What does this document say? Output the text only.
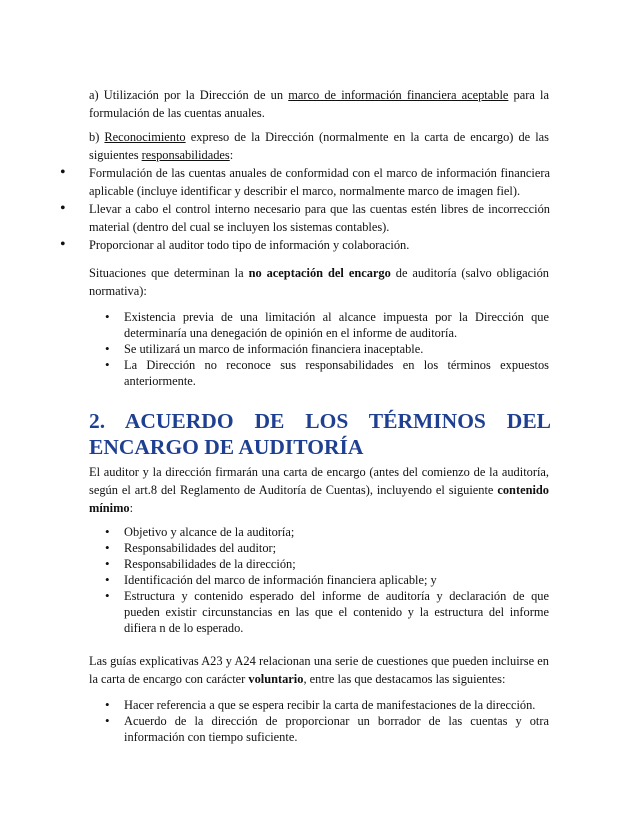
a) Utilización por la Dirección de un marco de información financiera aceptable para la formulación de las cuentas anuales.
b) Reconocimiento expreso de la Dirección (normalmente en la carta de encargo) de las siguientes responsabilidades:
• Formulación de las cuentas anuales de conformidad con el marco de información financiera aplicable (incluye identificar y describir el marco, normalmente marco de imagen fiel).
• Llevar a cabo el control interno necesario para que las cuentas estén libres de incorrección material (dentro del cual se incluyen los sistemas contables).
• Proporcionar al auditor todo tipo de información y colaboración.
Situaciones que determinan la no aceptación del encargo de auditoría (salvo obligación normativa):
• Existencia previa de una limitación al alcance impuesta por la Dirección que determinaría una denegación de opinión en el informe de auditoría.
• Se utilizará un marco de información financiera inaceptable.
• La Dirección no reconoce sus responsabilidades en los términos expuestos anteriormente.
2. ACUERDO DE LOS TÉRMINOS DEL ENCARGO DE AUDITORÍA
El auditor y la dirección firmarán una carta de encargo (antes del comienzo de la auditoría, según el art.8 del Reglamento de Auditoría de Cuentas), incluyendo el siguiente contenido mínimo:
• Objetivo y alcance de la auditoría;
• Responsabilidades del auditor;
• Responsabilidades de la dirección;
• Identificación del marco de información financiera aplicable; y
• Estructura y contenido esperado del informe de auditoría y declaración de que pueden existir circunstancias en las que el contenido y la estructura del informe difiera n de lo esperado.
Las guías explicativas A23 y A24 relacionan una serie de cuestiones que pueden incluirse en la carta de encargo con carácter voluntario, entre las que destacamos las siguientes:
• Hacer referencia a que se espera recibir la carta de manifestaciones de la dirección.
• Acuerdo de la dirección de proporcionar un borrador de las cuentas y otra información con tiempo suficiente.
